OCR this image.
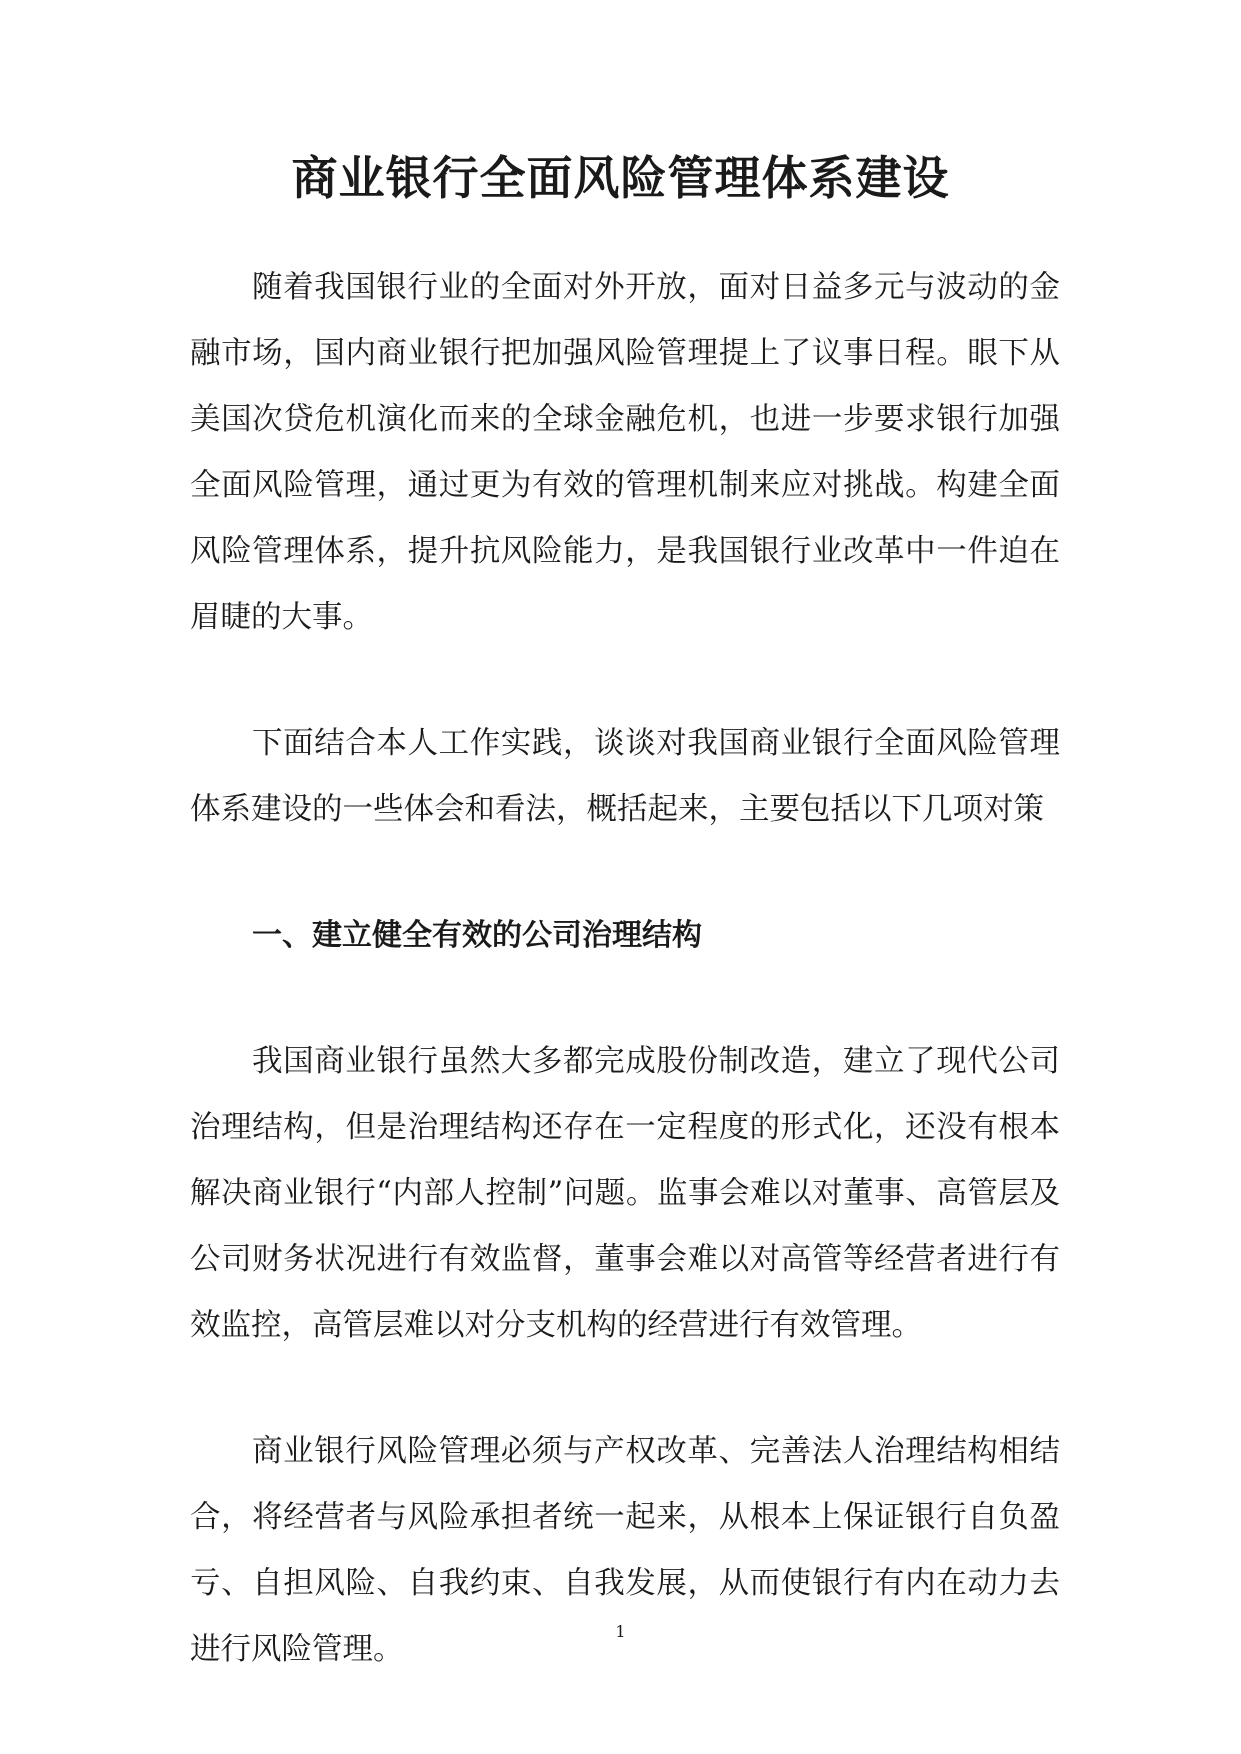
商业银行全面风险管理体系建设

随着我国银行业的全面对外开放，面对日益多元与波动的金融市场，国内商业银行把加强风险管理提上了议事日程。眼下从美国次贷危机演化而来的全球金融危机，也进一步要求银行加强全面风险管理，通过更为有效的管理机制来应对挑战。构建全面风险管理体系，提升抗风险能力，是我国银行业改革中一件迫在眉睫的大事。

下面结合本人工作实践，谈谈对我国商业银行全面风险管理体系建设的一些体会和看法，概括起来，主要包括以下几项对策

一、建立健全有效的公司治理结构

我国商业银行虽然大多都完成股份制改造，建立了现代公司治理结构，但是治理结构还存在一定程度的形式化，还没有根本解决商业银行“内部人控制”问题。监事会难以对董事、高管层及公司财务状况进行有效监督，董事会难以对高管等经营者进行有效监控，高管层难以对分支机构的经营进行有效管理。

商业银行风险管理必须与产权改革、完善法人治理结构相结合，将经营者与风险承担者统一起来，从根本上保证银行自负盈亏、自担风险、自我约束、自我发展，从而使银行有内在动力去进行风险管理。

1
